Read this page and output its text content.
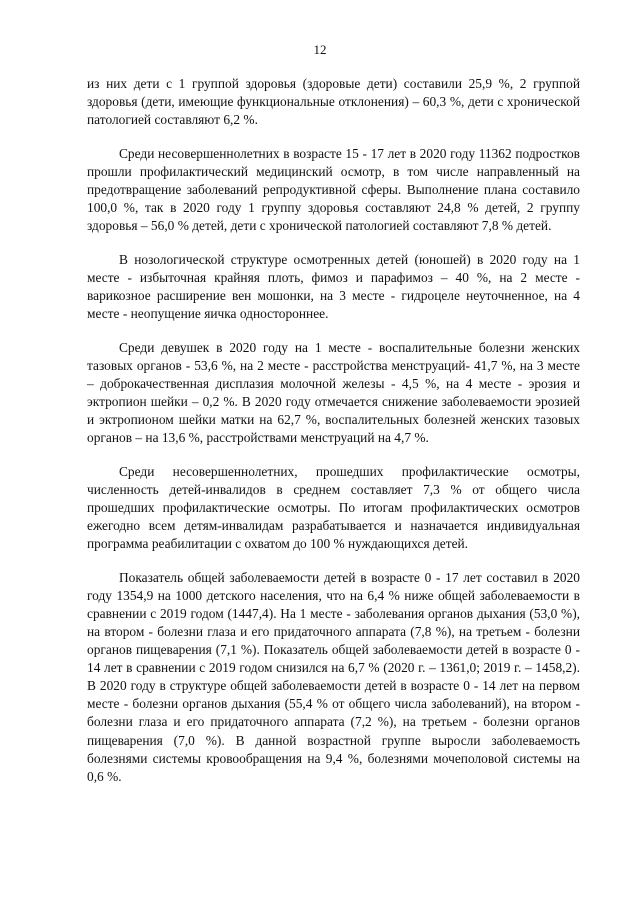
12

из них дети с 1 группой здоровья (здоровые дети) составили 25,9 %, 2 группой здоровья (дети, имеющие функциональные отклонения) – 60,3 %, дети с хронической патологией составляют 6,2 %.

Среди несовершеннолетних в возрасте 15 - 17 лет в 2020 году 11362 подростков прошли профилактический медицинский осмотр, в том числе направленный на предотвращение заболеваний репродуктивной сферы. Выполнение плана составило 100,0 %, так в 2020 году 1 группу здоровья составляют 24,8 % детей, 2 группу здоровья – 56,0 % детей, дети с хронической патологией составляют 7,8 % детей.

В нозологической структуре осмотренных детей (юношей) в 2020 году на 1 месте - избыточная крайняя плоть, фимоз и парафимоз – 40 %, на 2 месте - варикозное расширение вен мошонки, на 3 месте - гидроцеле неуточненное, на 4 месте - неопущение яичка одностороннее.

Среди девушек в 2020 году на 1 месте - воспалительные болезни женских тазовых органов - 53,6 %, на 2 месте - расстройства менструаций- 41,7 %, на 3 месте – доброкачественная дисплазия молочной железы - 4,5 %, на 4 месте - эрозия и эктропион шейки – 0,2 %. В 2020 году отмечается снижение заболеваемости эрозией и эктропионом шейки матки на 62,7 %, воспалительных болезней женских тазовых органов – на 13,6 %, расстройствами менструаций на 4,7 %.

Среди несовершеннолетних, прошедших профилактические осмотры, численность детей-инвалидов в среднем составляет 7,3 % от общего числа прошедших профилактические осмотры. По итогам профилактических осмотров ежегодно всем детям-инвалидам разрабатывается и назначается индивидуальная программа реабилитации с охватом до 100 % нуждающихся детей.

Показатель общей заболеваемости детей в возрасте 0 - 17 лет составил в 2020 году 1354,9 на 1000 детского населения, что на 6,4 % ниже общей заболеваемости в сравнении с 2019 годом (1447,4). На 1 месте - заболевания органов дыхания (53,0 %), на втором - болезни глаза и его придаточного аппарата (7,8 %), на третьем - болезни органов пищеварения (7,1 %). Показатель общей заболеваемости детей в возрасте 0 - 14 лет в сравнении с 2019 годом снизился на 6,7 % (2020 г. – 1361,0; 2019 г. – 1458,2). В 2020 году в структуре общей заболеваемости детей в возрасте 0 - 14 лет на первом месте - болезни органов дыхания (55,4 % от общего числа заболеваний), на втором - болезни глаза и его придаточного аппарата (7,2 %), на третьем - болезни органов пищеварения (7,0 %). В данной возрастной группе выросли заболеваемость болезнями системы кровообращения на 9,4 %, болезнями мочеполовой системы на 0,6 %.
